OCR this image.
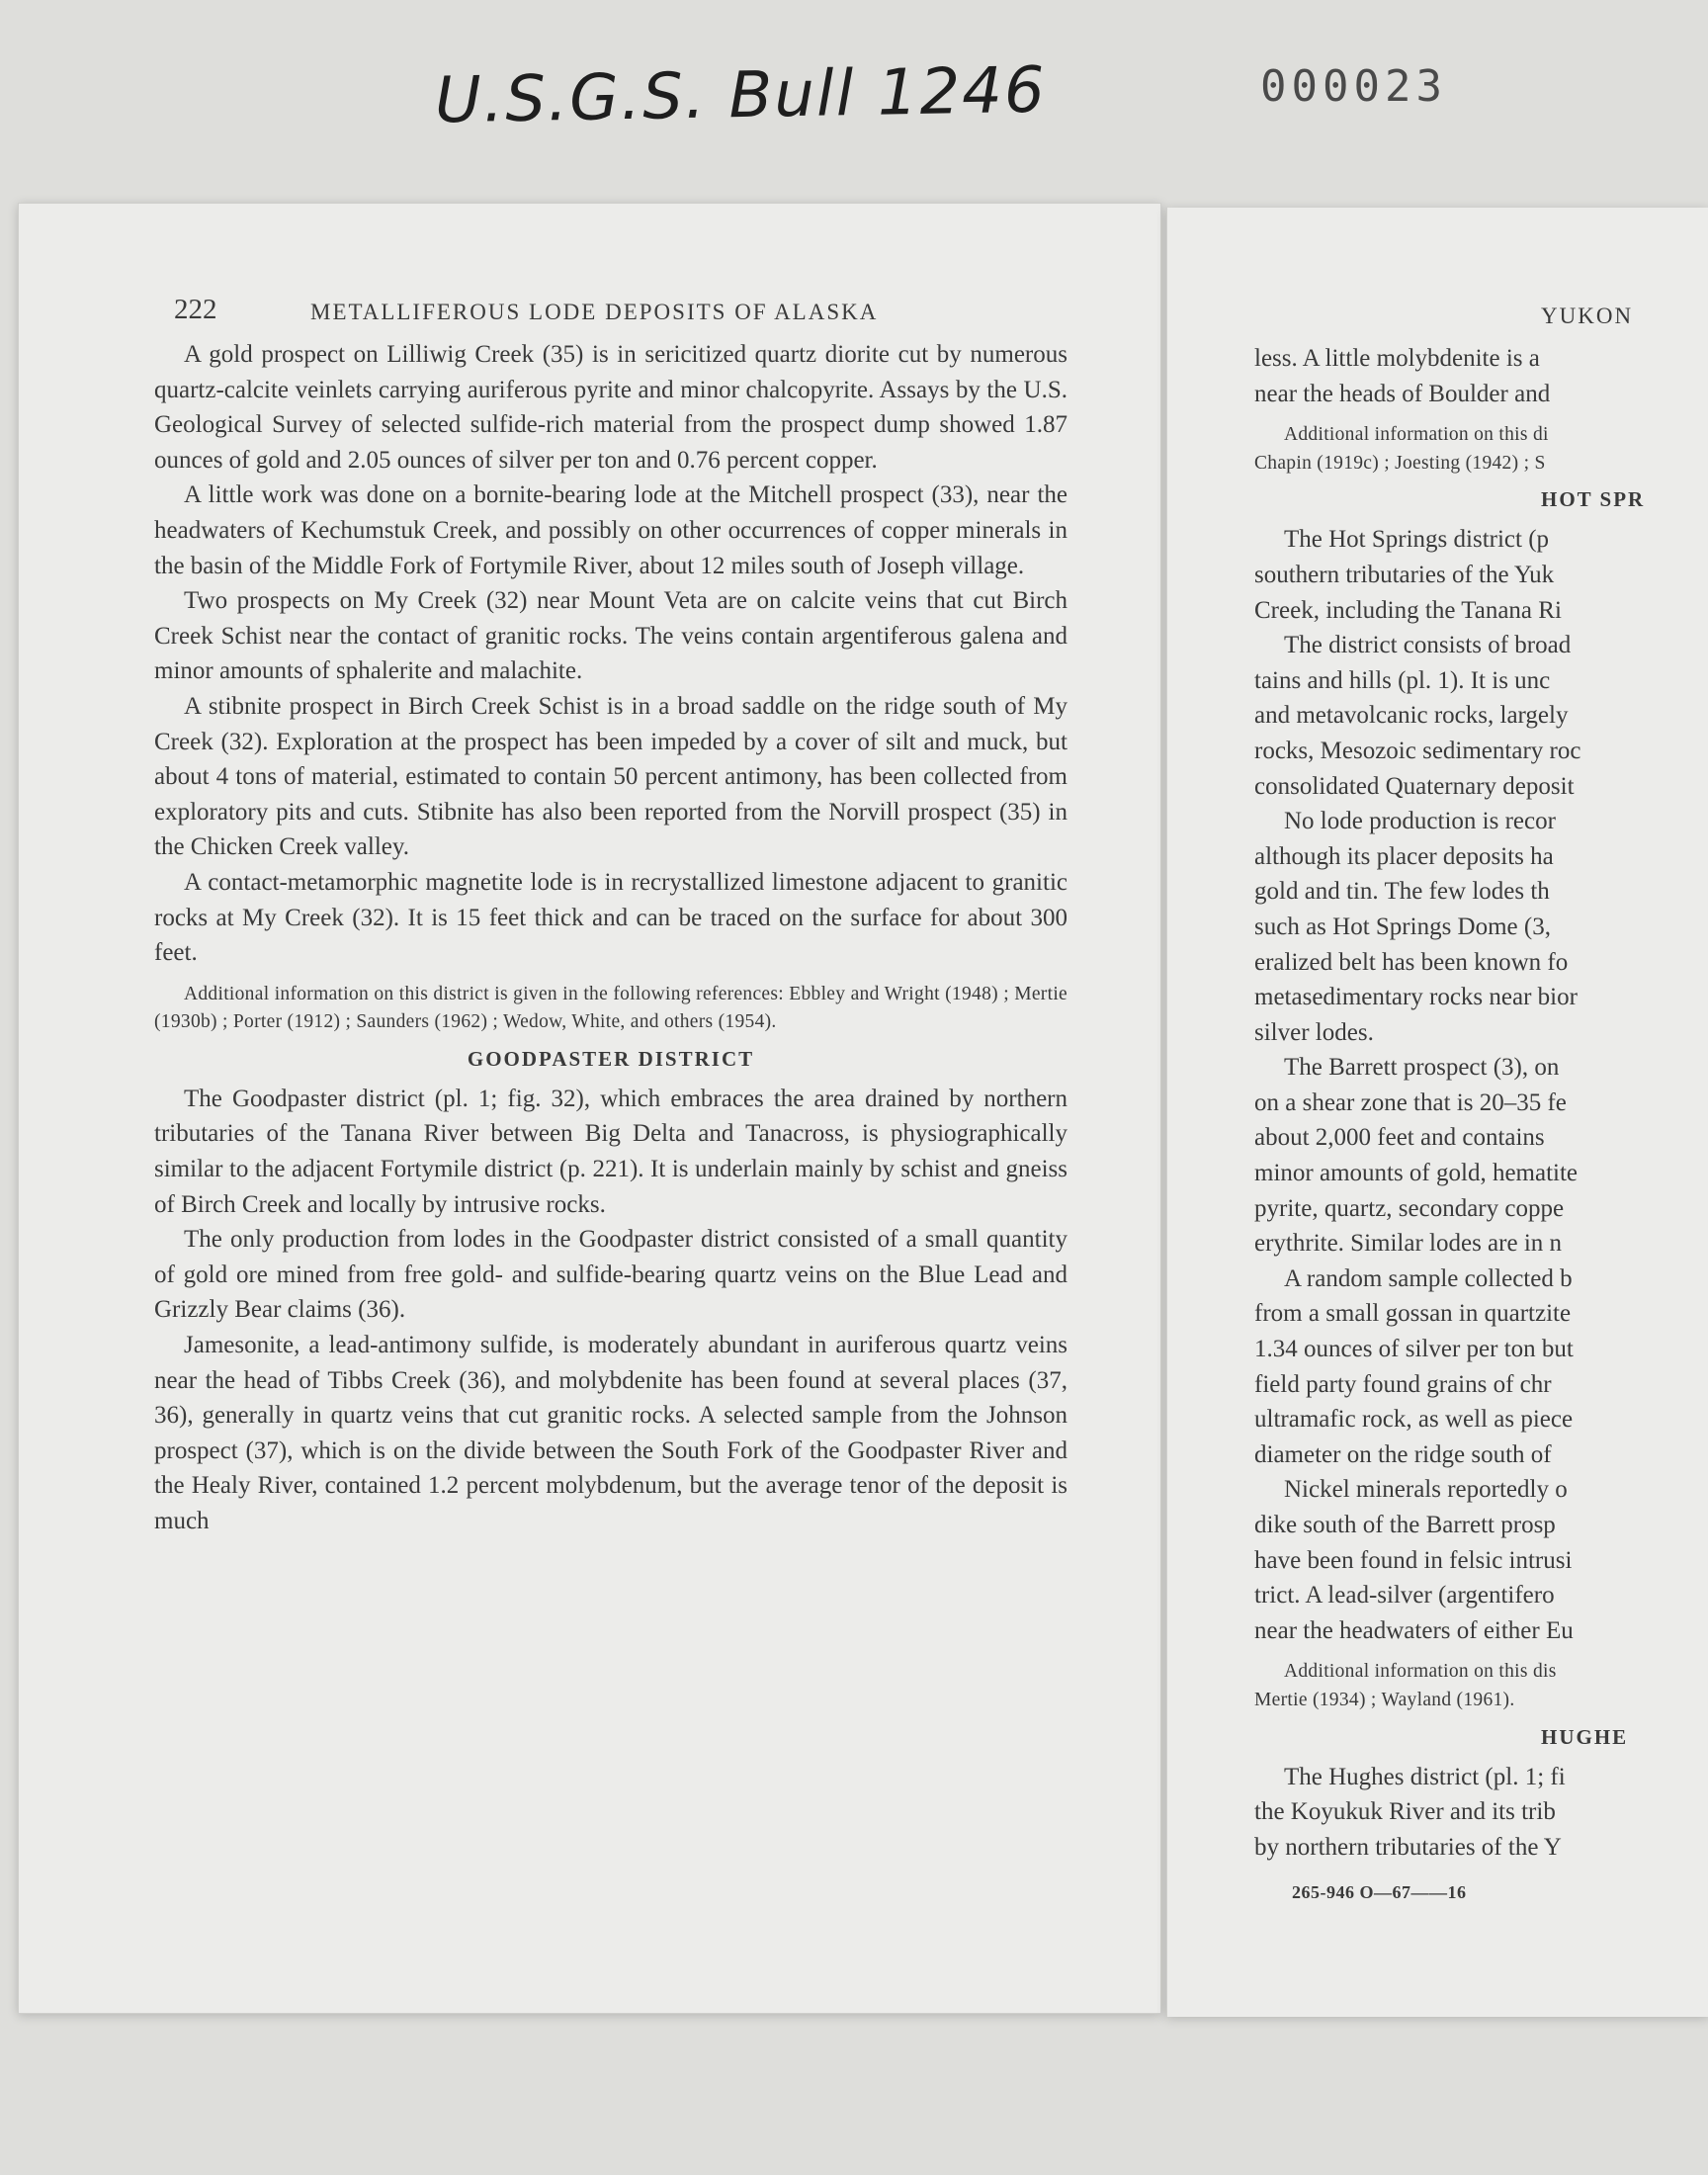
U.S.G.S. Bull 1246	000023
222	METALLIFEROUS LODE DEPOSITS OF ALASKA

A gold prospect on Lilliwig Creek (35) is in sericitized quartz diorite cut by numerous quartz-calcite veinlets carrying auriferous pyrite and minor chalcopyrite. Assays by the U.S. Geological Survey of selected sulfide-rich material from the prospect dump showed 1.87 ounces of gold and 2.05 ounces of silver per ton and 0.76 percent copper.

A little work was done on a bornite-bearing lode at the Mitchell prospect (33), near the headwaters of Kechumstuk Creek, and possibly on other occurrences of copper minerals in the basin of the Middle Fork of Fortymile River, about 12 miles south of Joseph village.

Two prospects on My Creek (32) near Mount Veta are on calcite veins that cut Birch Creek Schist near the contact of granitic rocks. The veins contain argentiferous galena and minor amounts of sphalerite and malachite.

A stibnite prospect in Birch Creek Schist is in a broad saddle on the ridge south of My Creek (32). Exploration at the prospect has been impeded by a cover of silt and muck, but about 4 tons of material, estimated to contain 50 percent antimony, has been collected from exploratory pits and cuts. Stibnite has also been reported from the Norvill prospect (35) in the Chicken Creek valley.

A contact-metamorphic magnetite lode is in recrystallized limestone adjacent to granitic rocks at My Creek (32). It is 15 feet thick and can be traced on the surface for about 300 feet.

Additional information on this district is given in the following references: Ebbley and Wright (1948) ; Mertie (1930b) ; Porter (1912) ; Saunders (1962) ; Wedow, White, and others (1954).

GOODPASTER DISTRICT

The Goodpaster district (pl. 1; fig. 32), which embraces the area drained by northern tributaries of the Tanana River between Big Delta and Tanacross, is physiographically similar to the adjacent Fortymile district (p. 221). It is underlain mainly by schist and gneiss of Birch Creek and locally by intrusive rocks.

The only production from lodes in the Goodpaster district consisted of a small quantity of gold ore mined from free gold- and sulfide-bearing quartz veins on the Blue Lead and Grizzly Bear claims (36).

Jamesonite, a lead-antimony sulfide, is moderately abundant in auriferous quartz veins near the head of Tibbs Creek (36), and molybdenite has been found at several places (37, 36), generally in quartz veins that cut granitic rocks. A selected sample from the Johnson prospect (37), which is on the divide between the South Fork of the Goodpaster River and the Healy River, contained 1.2 percent molybdenum, but the average tenor of the deposit is much

YUKON

less. A little molybdenite is a

near the heads of Boulder and

Additional information on this di

Chapin (1919c) ; Joesting (1942) ; S

HOT SPR

The Hot Springs district (p

southern tributaries of the Yuk

Creek, including the Tanana Ri

The district consists of broad

tains and hills (pl. 1). It is unc

and metavolcanic rocks, largely

rocks, Mesozoic sedimentary roc

consolidated Quaternary deposit

No lode production is recor

although its placer deposits ha

gold and tin. The few lodes th

such as Hot Springs Dome (3,

eralized belt has been known fo

metasedimentary rocks near bior

silver lodes.

The Barrett prospect (3), on

on a shear zone that is 20–35 fe

about 2,000 feet and contains

minor amounts of gold, hematite

pyrite, quartz, secondary coppe

erythrite. Similar lodes are in n

A random sample collected b

from a small gossan in quartzite

1.34 ounces of silver per ton but

field party found grains of chr

ultramafic rock, as well as piece

diameter on the ridge south of

Nickel minerals reportedly o

dike south of the Barrett prosp

have been found in felsic intrusi

trict. A lead-silver (argentifero

near the headwaters of either Eu

Additional information on this dis

Mertie (1934) ; Wayland (1961).

HUGHE

The Hughes district (pl. 1; fi

the Koyukuk River and its trib

by northern tributaries of the Y

265-946 O—67——16
